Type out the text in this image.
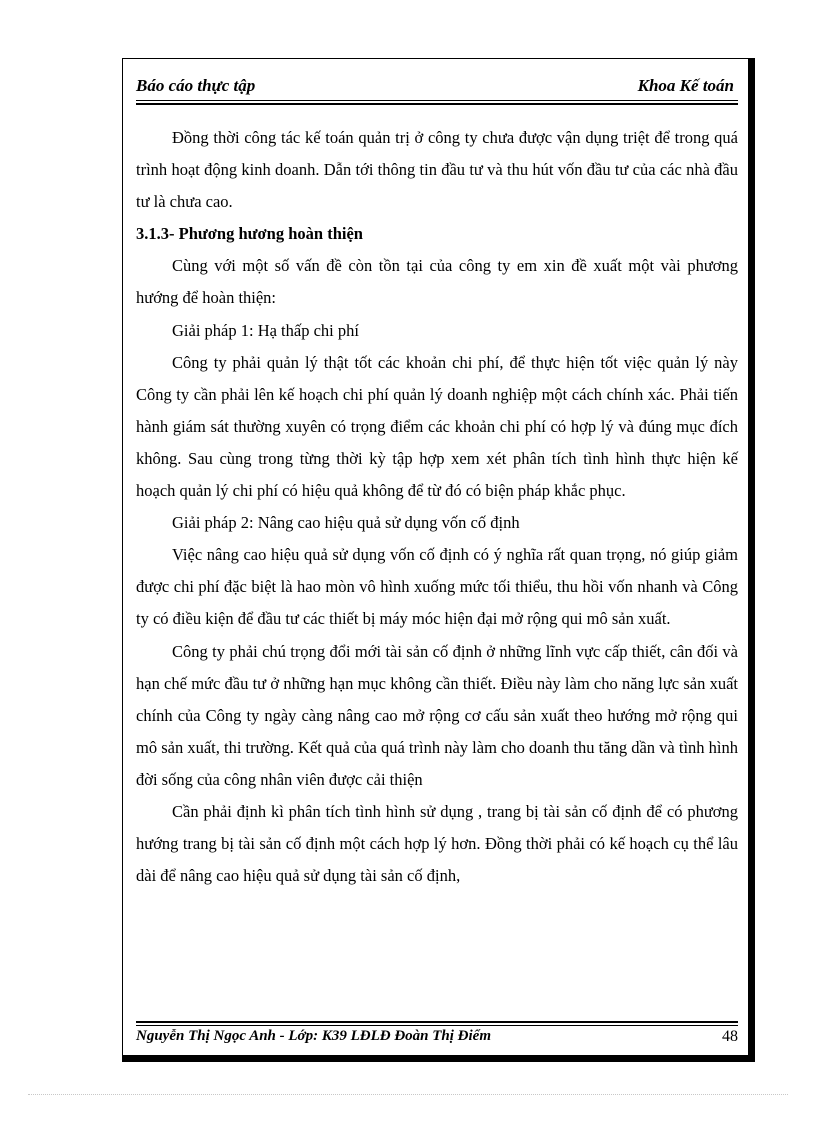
Báo cáo thực tập	Khoa Kế toán

Đồng thời công tác kế toán quản trị ở công ty chưa được vận dụng triệt để trong quá trình hoạt động kinh doanh. Dẫn tới thông tin đầu tư và thu hút vốn đầu tư của các nhà đầu tư là chưa cao.

3.1.3- Phương hương hoàn thiện

Cùng với một số vấn đề còn tồn tại của công ty em xin đề xuất một vài phương hướng để hoàn thiện:

Giải pháp 1: Hạ thấp chi phí

Công ty phải quản lý thật tốt các khoản chi phí, để thực hiện tốt việc quản lý này Công ty cần phải lên kế hoạch chi phí quản lý doanh nghiệp một cách chính xác. Phải tiến hành giám sát thường xuyên có trọng điểm các khoản chi phí có hợp lý và đúng mục đích không. Sau cùng trong từng thời kỳ tập hợp xem xét phân tích tình hình thực hiện kế hoạch quản lý chi phí có hiệu quả không để từ đó có biện pháp khắc phục.

Giải pháp 2: Nâng cao hiệu quả sử dụng vốn cố định

Việc nâng cao hiệu quả sử dụng vốn cố định có ý nghĩa rất quan trọng, nó giúp giảm được chi phí đặc biệt là hao mòn vô hình xuống mức tối thiểu, thu hồi vốn nhanh và Công ty có điều kiện để đầu tư các thiết bị máy móc hiện đại mở rộng qui mô sản xuất.

Công ty phải chú trọng đổi mới tài sản cố định ở những lĩnh vực cấp thiết, cân đối và hạn chế mức đầu tư ở những hạn mục không cần thiết. Điều này làm cho năng lực sản xuất chính của Công ty ngày càng nâng cao mở rộng cơ cấu sản xuất theo hướng mở rộng qui mô sản xuất, thi trường. Kết quả của quá trình này làm cho doanh thu tăng dần và tình hình đời sống của công nhân viên được cải thiện

Cần phải định kì phân tích tình hình sử dụng , trang bị tài sản cố định để có phương hướng trang bị tài sản cố định một cách hợp lý hơn. Đồng thời phải có kế hoạch cụ thể lâu dài để nâng cao hiệu quả sử dụng tài sản cố định,

Nguyễn Thị Ngọc Anh - Lớp: K39 LĐLĐ Đoàn Thị Điểm	48
